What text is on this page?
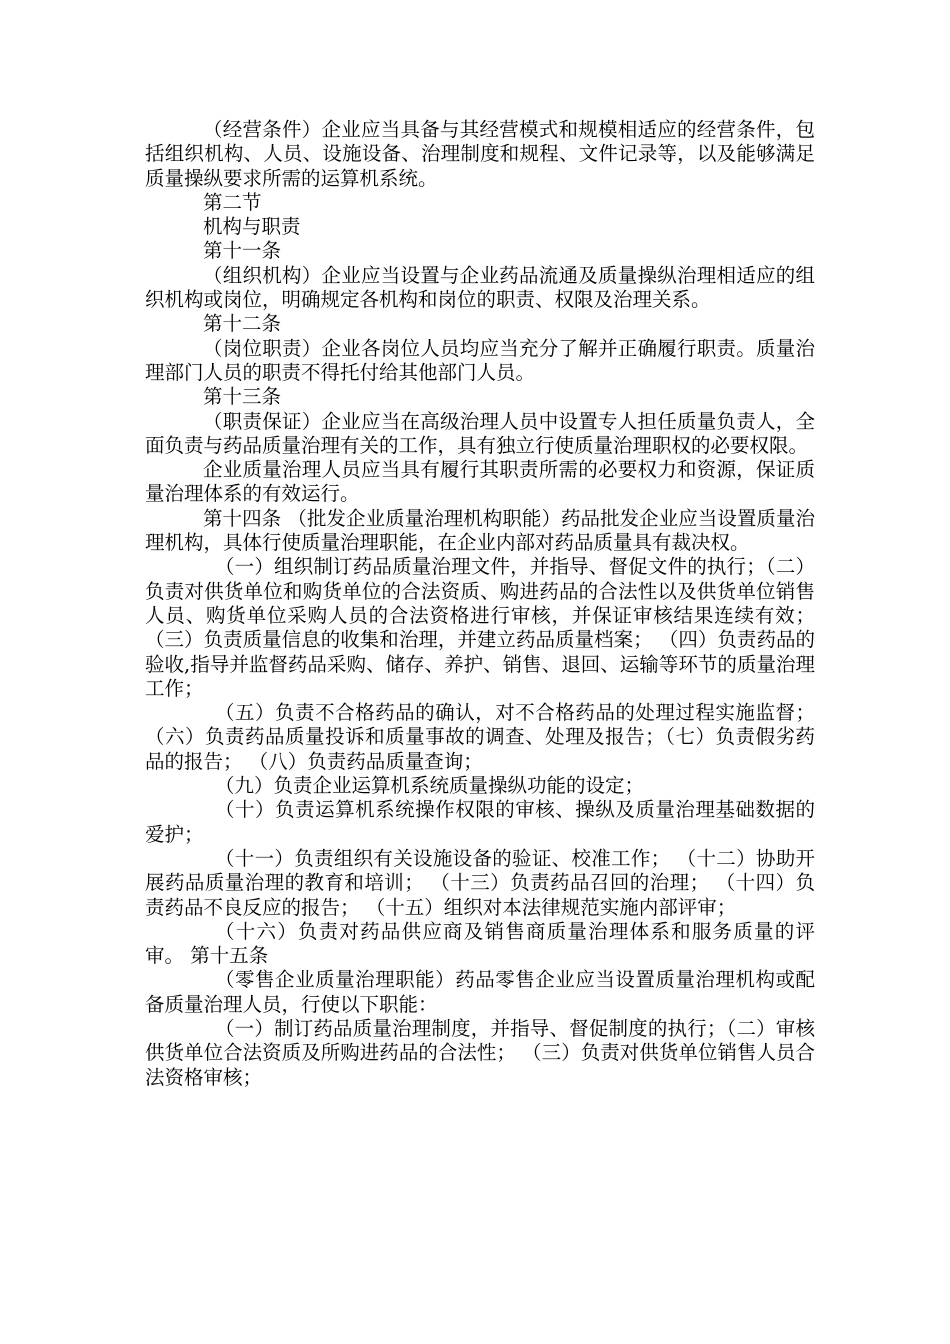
（经营条件）企业应当具备与其经营模式和规模相适应的经营条件，包括组织机构、人员、设施设备、治理制度和规程、文件记录等，以及能够满足质量操纵要求所需的运算机系统。

第二节

机构与职责

第十一条

（组织机构）企业应当设置与企业药品流通及质量操纵治理相适应的组织机构或岗位，明确规定各机构和岗位的职责、权限及治理关系。

第十二条

（岗位职责）企业各岗位人员均应当充分了解并正确履行职责。质量治理部门人员的职责不得托付给其他部门人员。

第十三条

（职责保证）企业应当在高级治理人员中设置专人担任质量负责人，全面负责与药品质量治理有关的工作，具有独立行使质量治理职权的必要权限。

企业质量治理人员应当具有履行其职责所需的必要权力和资源，保证质量治理体系的有效运行。

第十四条 （批发企业质量治理机构职能）药品批发企业应当设置质量治理机构，具体行使质量治理职能，在企业内部对药品质量具有裁决权。

（一）组织制订药品质量治理文件，并指导、督促文件的执行；（二）负责对供货单位和购货单位的合法资质、购进药品的合法性以及供货单位销售人员、购货单位采购人员的合法资格进行审核，并保证审核结果连续有效； （三）负责质量信息的收集和治理，并建立药品质量档案； （四）负责药品的验收,指导并监督药品采购、储存、养护、销售、退回、运输等环节的质量治理工作；

（五）负责不合格药品的确认，对不合格药品的处理过程实施监督； （六）负责药品质量投诉和质量事故的调查、处理及报告；（七）负责假劣药品的报告； （八）负责药品质量查询；

（九）负责企业运算机系统质量操纵功能的设定；

（十）负责运算机系统操作权限的审核、操纵及质量治理基础数据的爱护；

（十一）负责组织有关设施设备的验证、校准工作； （十二）协助开展药品质量治理的教育和培训； （十三）负责药品召回的治理； （十四）负责药品不良反应的报告； （十五）组织对本法律规范实施内部评审；

（十六）负责对药品供应商及销售商质量治理体系和服务质量的评审。 第十五条

（零售企业质量治理职能）药品零售企业应当设置质量治理机构或配备质量治理人员，行使以下职能：

（一）制订药品质量治理制度，并指导、督促制度的执行；（二）审核供货单位合法资质及所购进药品的合法性； （三）负责对供货单位销售人员合法资格审核；
